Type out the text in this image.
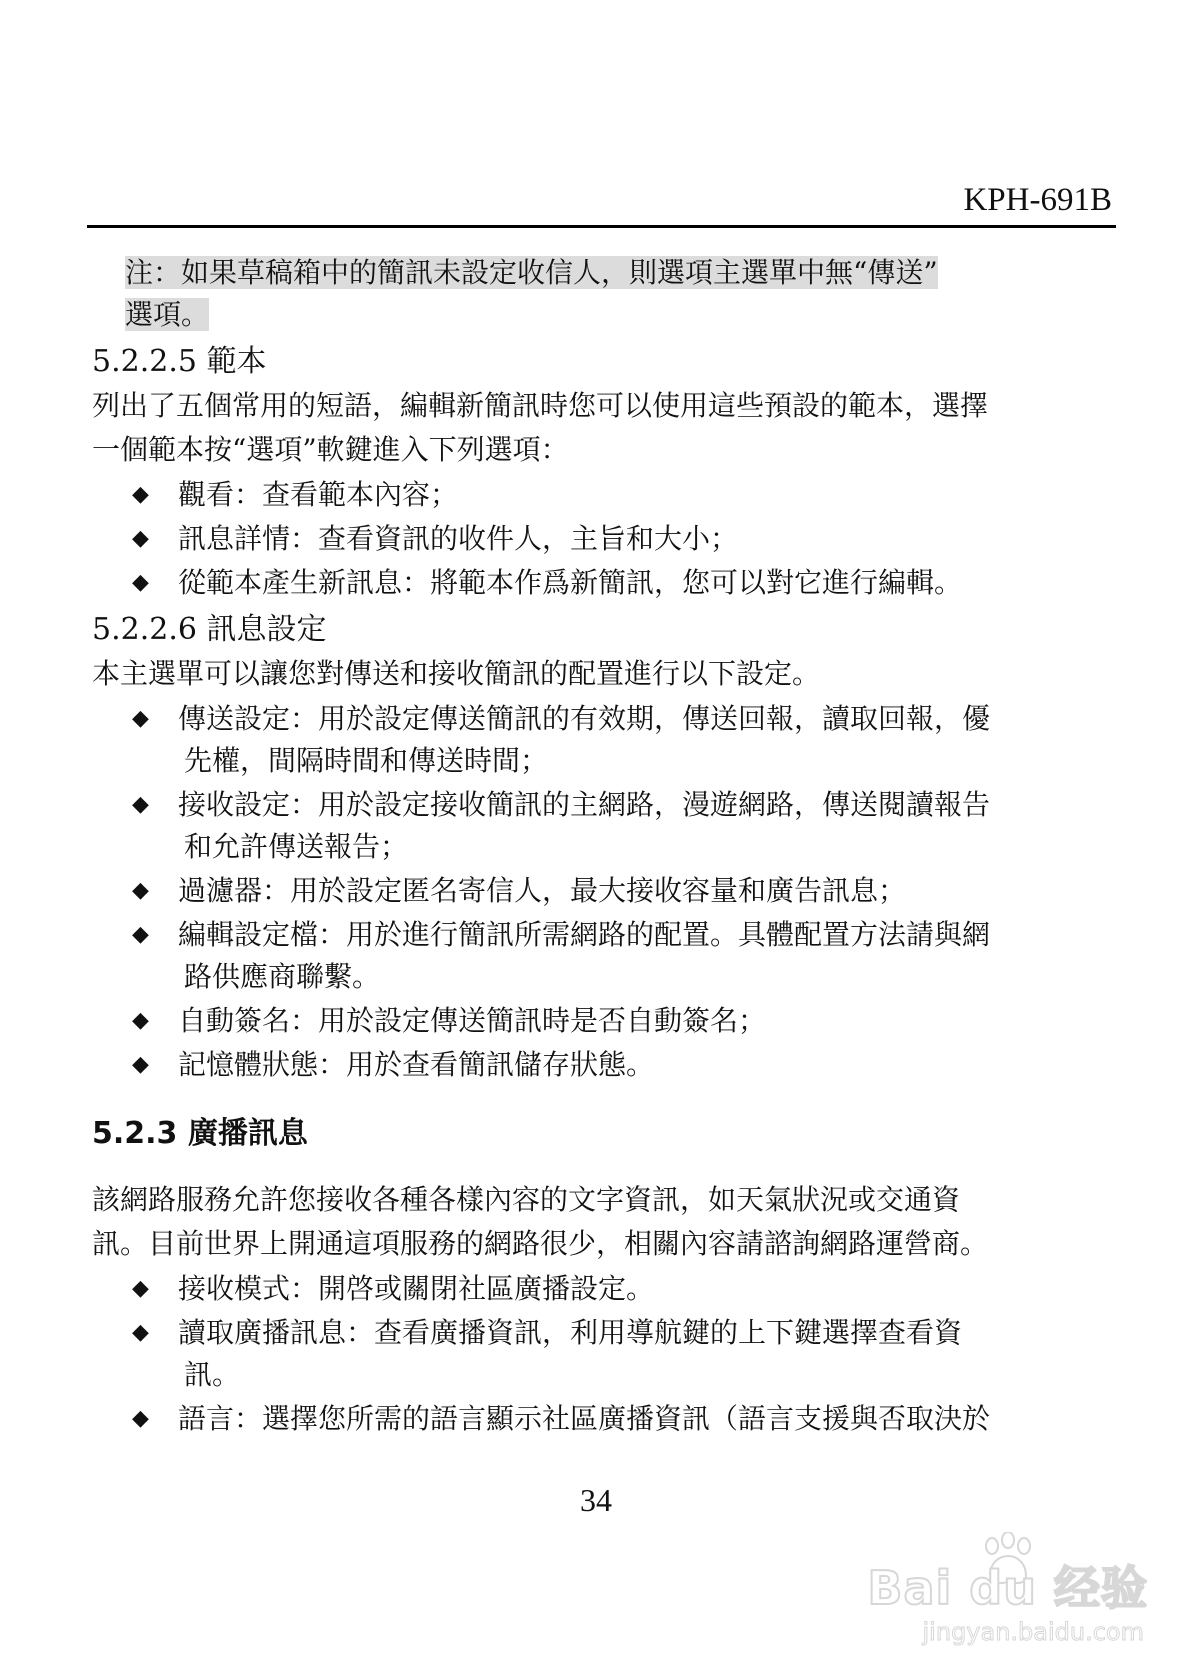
KPH-691B
注：如果草稿箱中的簡訊未設定收信人，則選項主選單中無“傳送”
選項。
5.2.2.5 範本

列出了五個常用的短語，編輯新簡訊時您可以使用這些預設的範本，選擇
一個範本按“選項”軟鍵進入下列選項：

◆ 觀看：查看範本內容；
◆ 訊息詳情：查看資訊的收件人，主旨和大小；
◆ 從範本產生新訊息：將範本作爲新簡訊，您可以對它進行編輯。
5.2.2.6 訊息設定

本主選單可以讓您對傳送和接收簡訊的配置進行以下設定。

◆ 傳送設定：用於設定傳送簡訊的有效期，傳送回報，讀取回報，優
先權，間隔時間和傳送時間；
◆ 接收設定：用於設定接收簡訊的主網路，漫遊網路，傳送閱讀報告
和允許傳送報告；
◆ 過濾器：用於設定匿名寄信人，最大接收容量和廣告訊息；
◆ 編輯設定檔：用於進行簡訊所需網路的配置。具體配置方法請與網
路供應商聯繫。
◆ 自動簽名：用於設定傳送簡訊時是否自動簽名；
◆ 記憶體狀態：用於查看簡訊儲存狀態。
5.2.3 廣播訊息

該網路服務允許您接收各種各樣內容的文字資訊，如天氣狀況或交通資
訊。目前世界上開通這項服務的網路很少，相關內容請諮詢網路運營商。

◆ 接收模式：開啓或關閉社區廣播設定。
◆ 讀取廣播訊息：查看廣播資訊，利用導航鍵的上下鍵選擇查看資
訊。
◆ 語言：選擇您所需的語言顯示社區廣播資訊（語言支援與否取決於
34
Bai du 经验
jingyan.baidu.com
